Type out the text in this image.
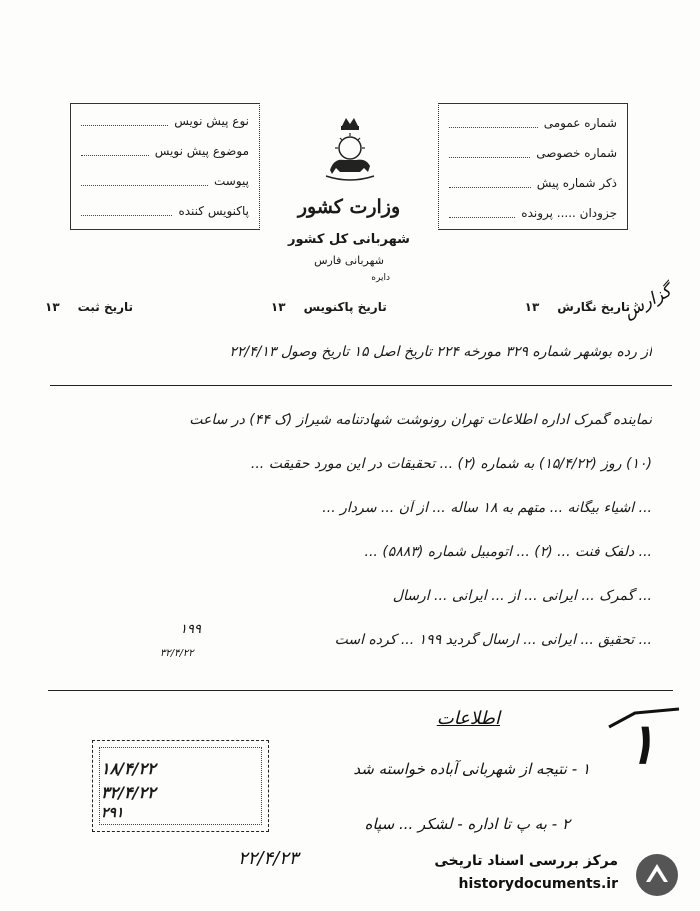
نوع پیش نویس
موضوع پیش نویس
پیوست
پاکنویس کننده
شماره عمومی
شماره خصوصی
ذکر شماره پیش
جزودان ..... پرونده
وزارت کشور
شهربانی کل کشور
شهربانی فارس
دایره
تاریخ نگارش
۱۳
تاریخ پاکنویس
۱۳
تاریخ ثبت
۱۳	گزارش
از رده بوشهر شماره ۳۲۹ مورخه ۲۲۴ تاریخ اصل ۱۵ تاریخ وصول ۲۲/۴/۱۳
نماینده گمرک اداره اطلاعات تهران رونوشت شهادتنامه شیراز (ک ۴۴) در ساعت
(۱۰) روز (۱۵/۴/۲۲) به شماره (۲) ... تحقیقات در این مورد حقیقت ...
... اشیاء بیگانه ... متهم به ۱۸ ساله ... از آن ... سردار ...
... دلفک فنت ... (۲) ... اتومبیل شماره (۵۸۸۳) ...
... گمرک ... ایرانی ... از ... ایرانی ... ارسال
... تحقیق ... ایرانی ... ارسال گردید ۱۹۹ ... کرده است
۱۹۹
۳۲/۴/۲۲
اطلاعات
۱ - نتیجه از شهربانی آباده خواسته شد
۲ - به پ تا اداره - لشکر ... سپاه
۲۲/۴/۲۳
۱
۱۸/۴/۲۲
۳۲/۴/۲۲
۲۹۱
مرکز بررسی اسناد تاریخی
historydocuments.ir
